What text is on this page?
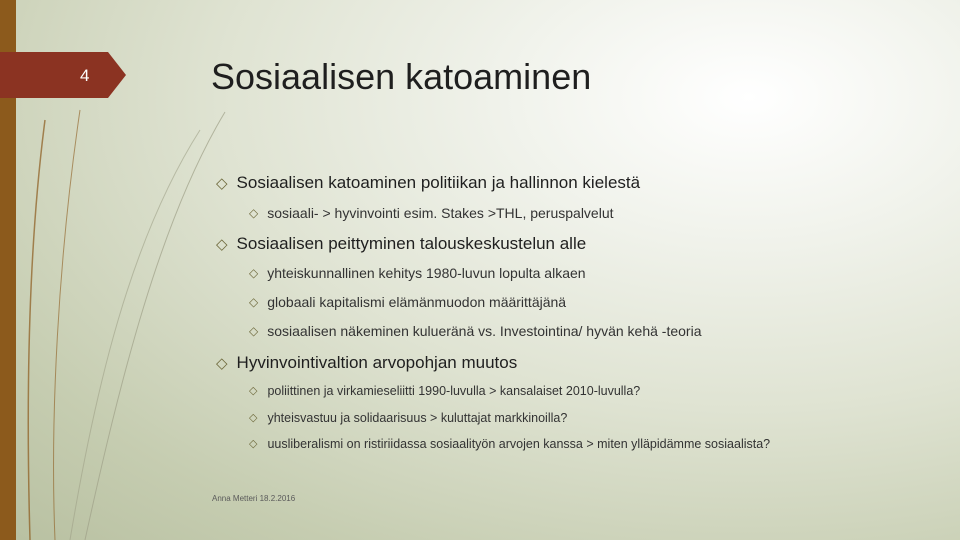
4	Sosiaalisen katoaminen
◇ Sosiaalisen katoaminen politiikan ja hallinnon kielestä
◇ sosiaali- > hyvinvointi esim. Stakes >THL, peruspalvelut
◇ Sosiaalisen peittyminen talouskeskustelun alle
◇ yhteiskunnallinen kehitys 1980-luvun lopulta alkaen
◇ globaali kapitalismi elämänmuodon määrittäjänä
◇ sosiaalisen näkeminen kulueränä vs. Investointina/ hyvän kehä -teoria
◇ Hyvinvointivaltion arvopohjan muutos
◇ poliittinen ja virkamieseliitti 1990-luvulla > kansalaiset 2010-luvulla?
◇ yhteisvastuu ja solidaarisuus > kuluttajat markkinoilla?
◇ uusliberalismi on ristiriidassa sosiaalityön arvojen kanssa > miten ylläpidämme sosiaalista?
Anna Metteri 18.2.2016
